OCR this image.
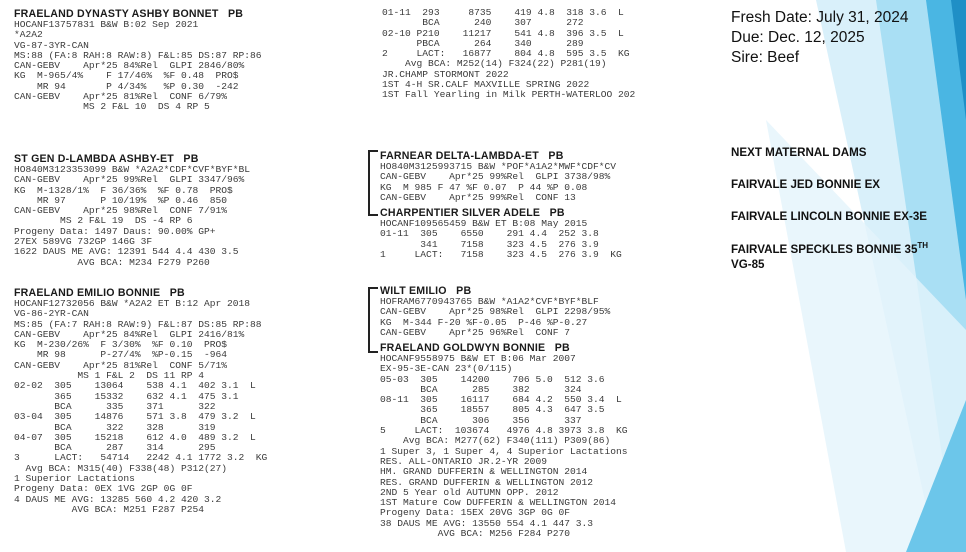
FRAELAND DYNASTY ASHBY BONNET PB
HOCANF13757831 B&W B:02 Sep 2021
*A2A2
VG-87-3YR-CAN
MS:88 (FA:8 RAH:8 RAW:8) F&L:85 DS:87 RP:86
CAN-GEBV    Apr*25 84%Rel  GLPI 2846/80%
KG  M-965/4%    F 17/46%  %F 0.48  PRO$
MR 94       P 4/34%   %P 0.30  -242
CAN-GEBV    Apr*25 81%Rel  CONF 6/79%
MS 2 F&L 10  DS 4 RP 5
01-11  293     8735    419 4.8  318 3.6  L
BCA      240    307      272
02-10 P210    11217    541 4.8  396 3.5  L
PBCA      264    340      289
2     LACT:   16877    804 4.8  595 3.5  KG
Avg BCA: M252(14) F324(22) P281(19)
JR.CHAMP STORMONT 2022
1ST 4-H SR.CALF MAXVILLE SPRING 2022
1ST Fall Yearling in Milk PERTH-WATERLOO 202
ST GEN D-LAMBDA ASHBY-ET PB
HO840M3123353099 B&W *A2A2*CDF*CVF*BYF*BL
CAN-GEBV    Apr*25 99%Rel  GLPI 3347/96%
KG  M-1328/1%  F 36/36%  %F 0.78  PRO$
MR 97      P 10/19%  %P 0.46  850
CAN-GEBV    Apr*25 98%Rel  CONF 7/91%
MS 2 F&L 19  DS -4 RP 6
Progeny Data: 1497 Daus: 90.00% GP+
27EX 589VG 732GP 146G 3F
1622 DAUS ME AVG: 12391 544 4.4 430 3.5
AVG BCA: M234 F279 P260
FARNEAR DELTA-LAMBDA-ET PB
HO840M3125993715 B&W *POF*A1A2*MWF*CDF*CV
CAN-GEBV    Apr*25 99%Rel  GLPI 3738/98%
KG  M 985 F 47 %F 0.07  P 44 %P 0.08
CAN-GEBV    Apr*25 99%Rel  CONF 13
CHARPENTIER SILVER ADELE PB
HOCANF109565459 B&W ET B:08 May 2015
01-11  305    6550    291 4.4  252 3.8
341    7158    323 4.5  276 3.9
1     LACT:   7158    323 4.5  276 3.9  KG
FRAELAND EMILIO BONNIE PB
HOCANF12732056 B&W *A2A2 ET B:12 Apr 2018
VG-86-2YR-CAN
MS:85 (FA:7 RAH:8 RAW:9) F&L:87 DS:85 RP:88
CAN-GEBV    Apr*25 84%Rel  GLPI 2416/81%
KG  M-230/26%  F 3/30%  %F 0.10  PRO$
MR 98      P-27/4%  %P-0.15  -964
CAN-GEBV    Apr*25 81%Rel  CONF 5/71%
MS 1 F&L 2  DS 11 RP 4
02-02  305    13064    538 4.1  402 3.1  L
365    15332    632 4.1  475 3.1
BCA      335    371      322
03-04  305    14876    571 3.8  479 3.2  L
BCA      322    328      319
04-07  305    15218    612 4.0  489 3.2  L
BCA      287    314      295
3      LACT:   54714   2242 4.1 1772 3.2  KG
Avg BCA: M315(40) F338(48) P312(27)
1 Superior Lactations
Progeny Data: 0EX 1VG 2GP 0G 0F
4 DAUS ME AVG: 13285 560 4.2 420 3.2
AVG BCA: M251 F287 P254
WILT EMILIO PB
HOFRAM6770943765 B&W *A1A2*CVF*BYF*BLF
CAN-GEBV    Apr*25 98%Rel  GLPI 2298/95%
KG  M-344 F-20 %F-0.05  P-46 %P-0.27
CAN-GEBV    Apr*25 96%Rel  CONF 7
FRAELAND GOLDWYN BONNIE PB
HOCANF9558975 B&W ET B:06 Mar 2007
EX-95-3E-CAN 23*(0/115)
05-03  305    14200    706 5.0  512 3.6
BCA      285    382      324
08-11  305    16117    684 4.2  550 3.4  L
365    18557    805 4.3  647 3.5
BCA      306    356      337
5     LACT:  103674   4976 4.8 3973 3.8  KG
Avg BCA: M277(62) F340(111) P309(86)
1 Super 3, 1 Super 4, 4 Superior Lactations
RES. ALL-ONTARIO JR.2-YR 2009
HM. GRAND DUFFERIN & WELLINGTON 2014
RES. GRAND DUFFERIN & WELLINGTON 2012
2ND 5 Year old AUTUMN OPP. 2012
1ST Mature Cow DUFFERIN & WELLINGTON 2014
Progeny Data: 15EX 20VG 3GP 0G 0F
38 DAUS ME AVG: 13550 554 4.1 447 3.3
AVG BCA: M256 F284 P270
Fresh Date: July 31, 2024
Due: Dec. 12, 2025
Sire: Beef
NEXT MATERNAL DAMS
FAIRVALE JED BONNIE EX
FAIRVALE LINCOLN BONNIE EX-3E
FAIRVALE SPECKLES BONNIE 35TH
VG-85
